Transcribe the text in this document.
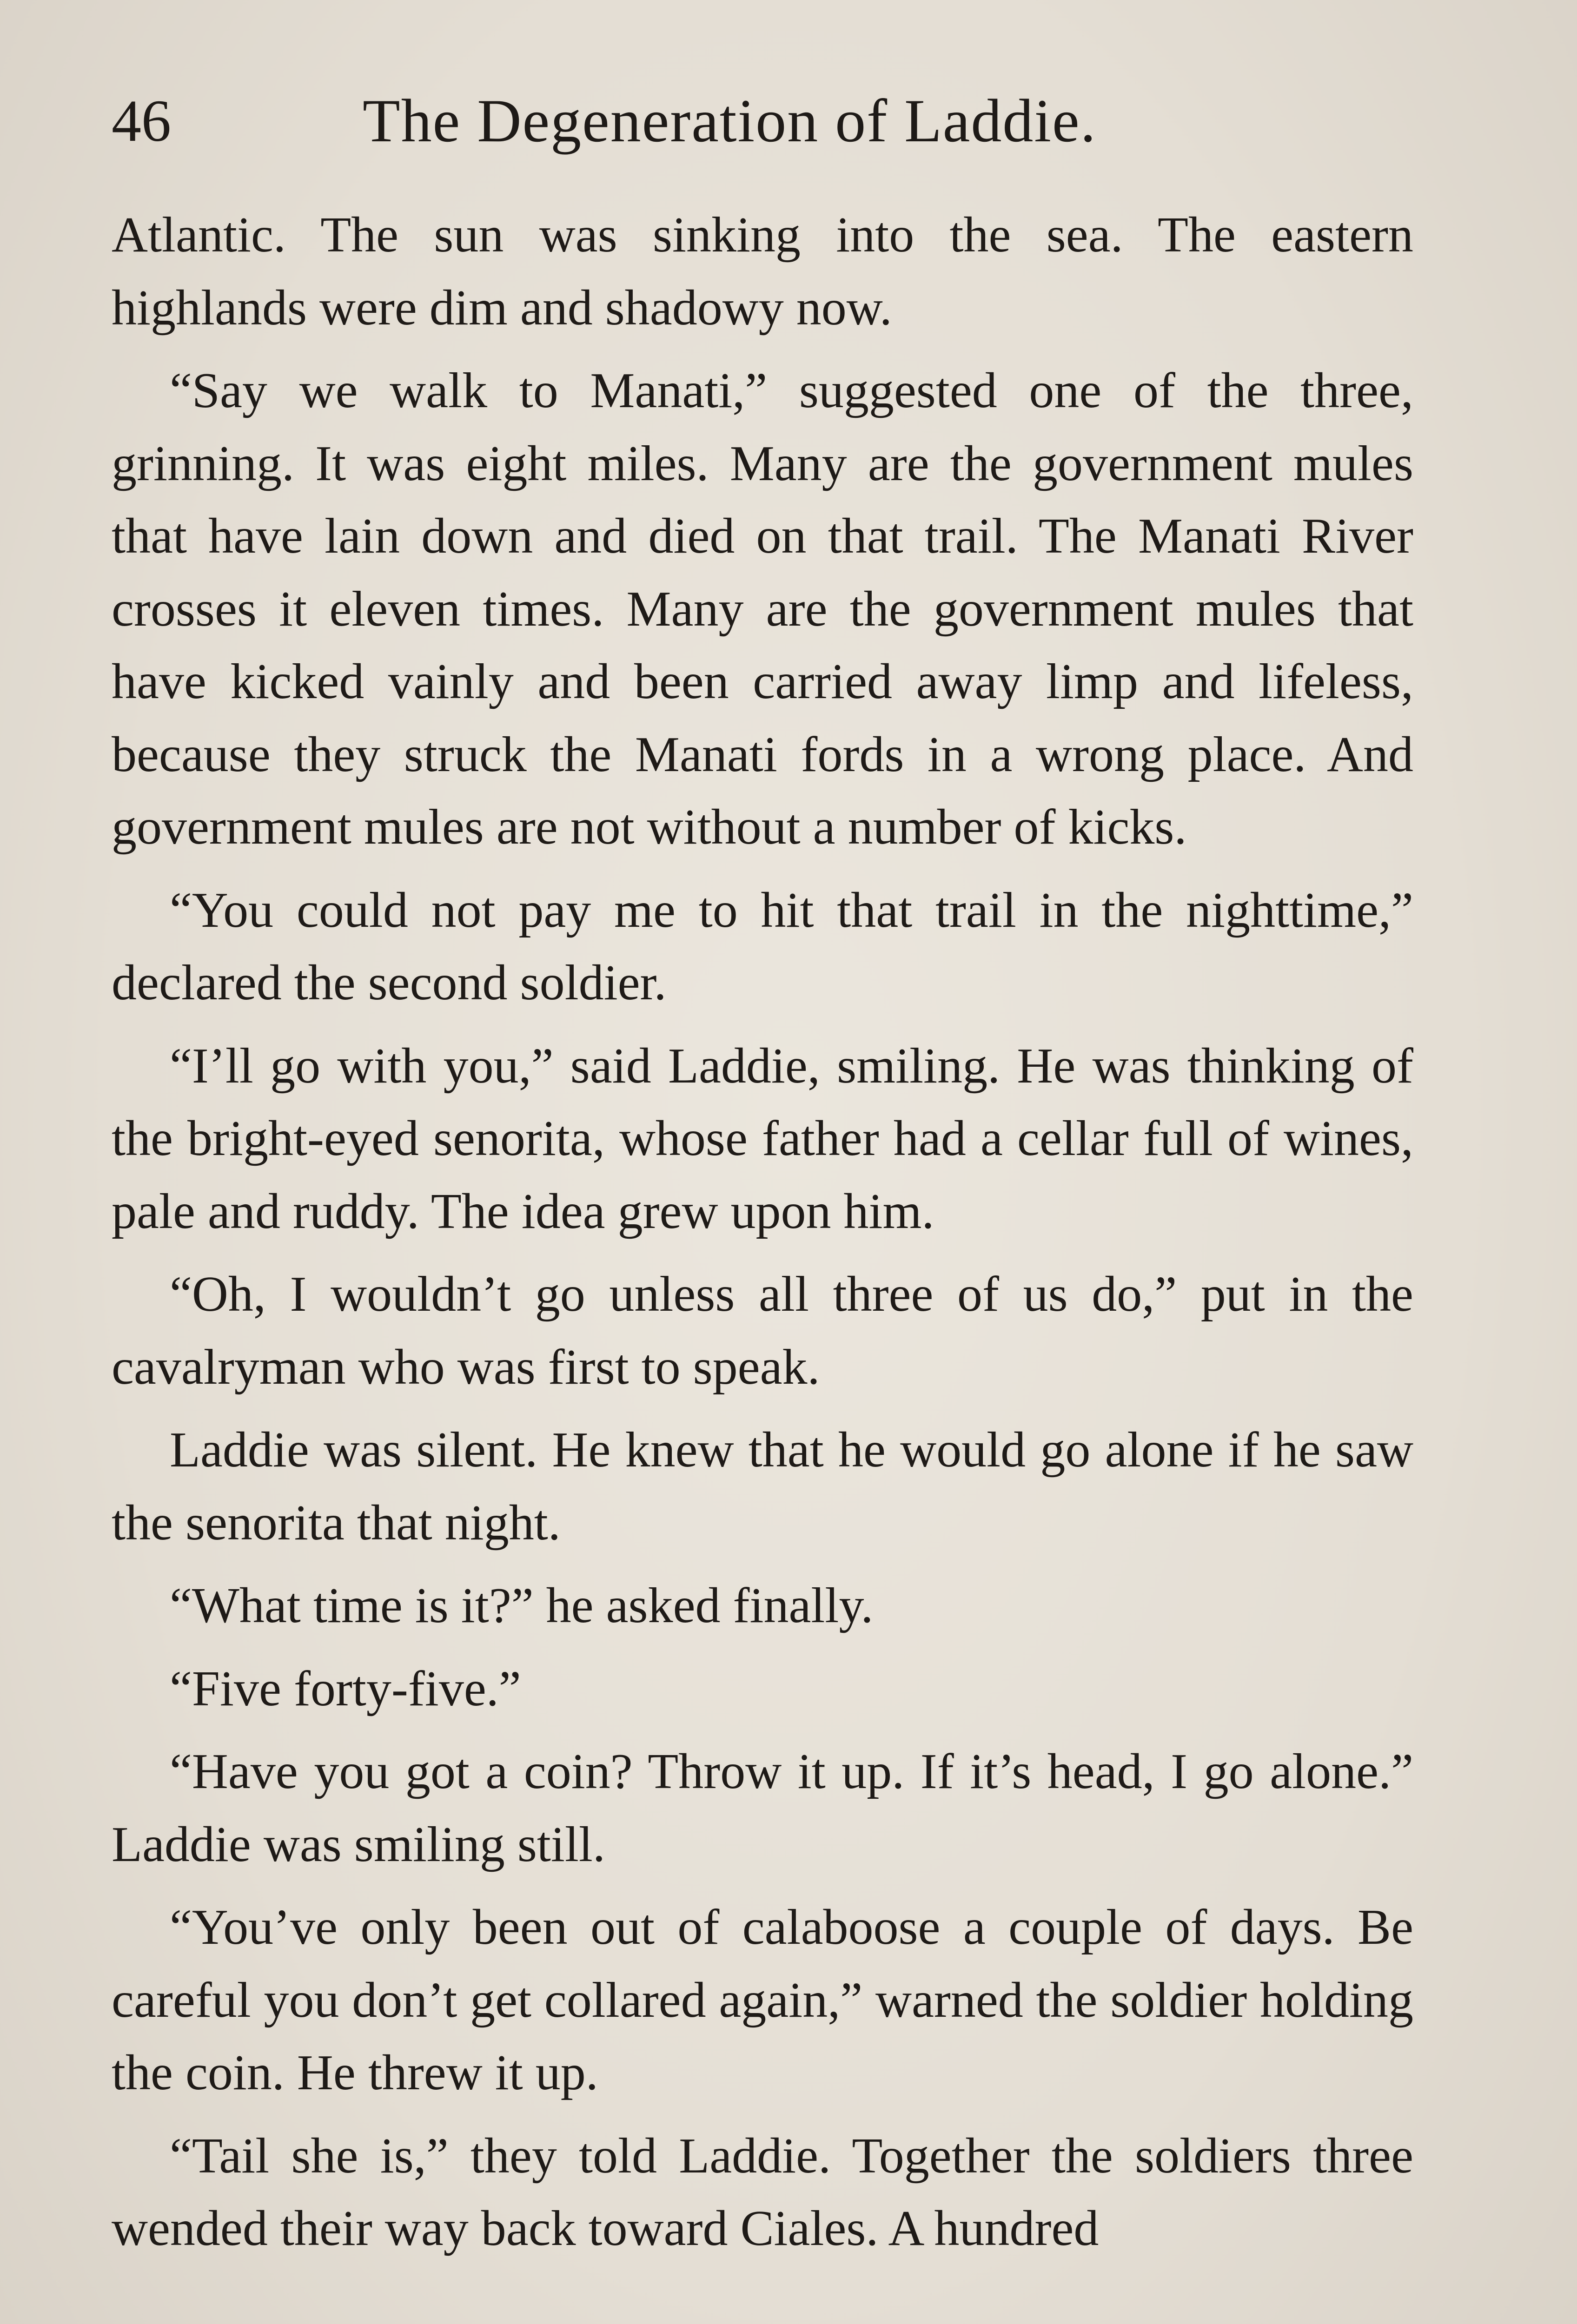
46	The Degeneration of Laddie.

Atlantic. The sun was sinking into the sea. The eastern highlands were dim and shadowy now.

“Say we walk to Manati,” suggested one of the three, grinning. It was eight miles. Many are the government mules that have lain down and died on that trail. The Manati River crosses it eleven times. Many are the government mules that have kicked vainly and been carried away limp and lifeless, because they struck the Manati fords in a wrong place. And government mules are not without a number of kicks.

“You could not pay me to hit that trail in the nighttime,” declared the second soldier.

“I’ll go with you,” said Laddie, smiling. He was thinking of the bright-eyed senorita, whose father had a cellar full of wines, pale and ruddy. The idea grew upon him.

“Oh, I wouldn’t go unless all three of us do,” put in the cavalryman who was first to speak.

Laddie was silent. He knew that he would go alone if he saw the senorita that night.

“What time is it?” he asked finally.

“Five forty-five.”

“Have you got a coin? Throw it up. If it’s head, I go alone.” Laddie was smiling still.

“You’ve only been out of calaboose a couple of days. Be careful you don’t get collared again,” warned the soldier holding the coin. He threw it up.

“Tail she is,” they told Laddie. Together the soldiers three wended their way back toward Ciales. A hundred
